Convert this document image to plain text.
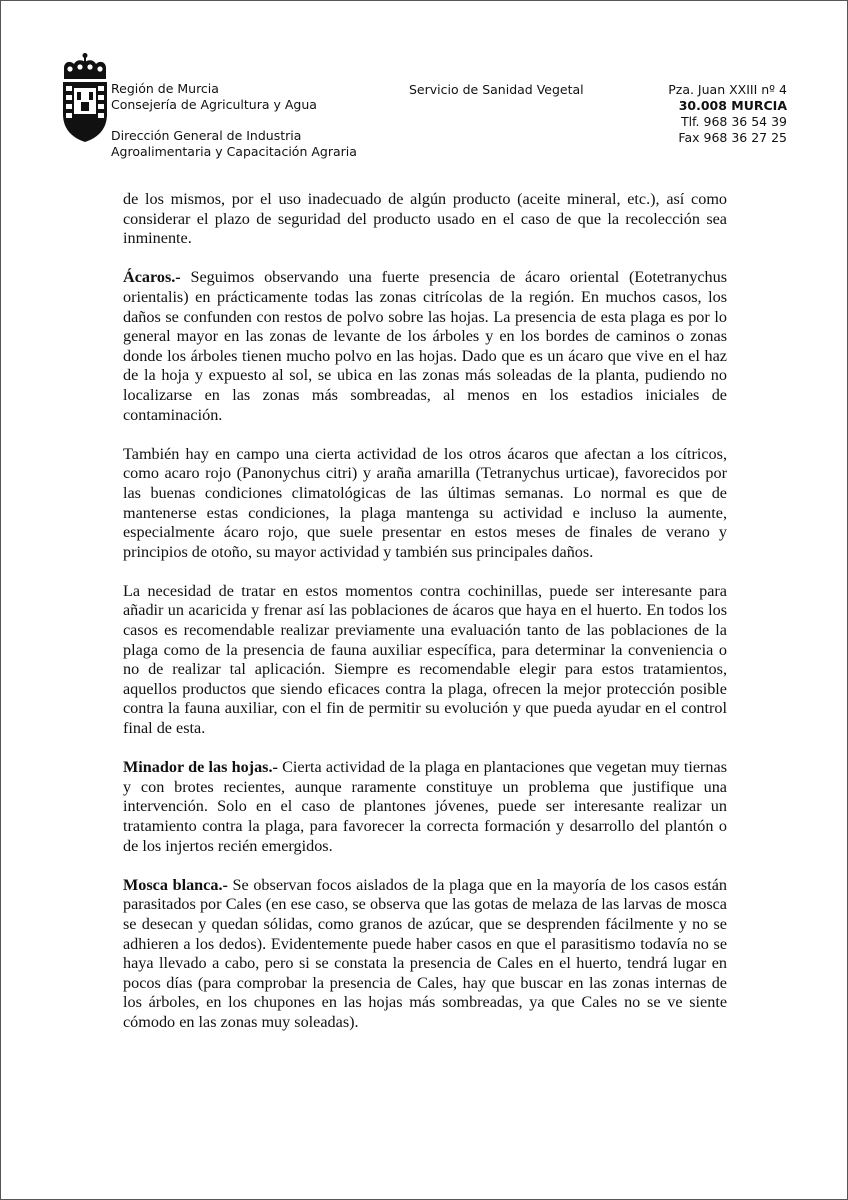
Región de Murcia
Consejería de Agricultura y Agua
Dirección General de Industria
Agroalimentaria y Capacitación Agraria
Servicio de Sanidad Vegetal	Pza. Juan XXIII nº 4
30.008 MURCIA
Tlf. 968 36 54 39
Fax 968 36 27 25

de los mismos, por el uso inadecuado de algún producto (aceite mineral, etc.), así como considerar el plazo de seguridad del producto usado en el caso de que la recolección sea inminente.

Ácaros.- Seguimos observando una fuerte presencia de ácaro oriental (Eotetranychus orientalis) en prácticamente todas las zonas citrícolas de la región. En muchos casos, los daños se confunden con restos de polvo sobre las hojas. La presencia de esta plaga es por lo general mayor en las zonas de levante de los árboles y en los bordes de caminos o zonas donde los árboles tienen mucho polvo en las hojas. Dado que es un ácaro que vive en el haz de la hoja y expuesto al sol, se ubica en las zonas más soleadas de la planta, pudiendo no localizarse en las zonas más sombreadas, al menos en los estadios iniciales de contaminación.

También hay en campo una cierta actividad de los otros ácaros que afectan a los cítricos, como acaro rojo (Panonychus citri) y araña amarilla (Tetranychus urticae), favorecidos por las buenas condiciones climatológicas de las últimas semanas. Lo normal es que de mantenerse estas condiciones, la plaga mantenga su actividad e incluso la aumente, especialmente ácaro rojo, que suele presentar en estos meses de finales de verano y principios de otoño, su mayor actividad y también sus principales daños.

La necesidad de tratar en estos momentos contra cochinillas, puede ser interesante para añadir un acaricida y frenar así las poblaciones de ácaros que haya en el huerto. En todos los casos es recomendable realizar previamente una evaluación tanto de las poblaciones de la plaga como de la presencia de fauna auxiliar específica, para determinar la conveniencia o no de realizar tal aplicación. Siempre es recomendable elegir para estos tratamientos, aquellos productos que siendo eficaces contra la plaga, ofrecen la mejor protección posible contra la fauna auxiliar, con el fin de permitir su evolución y que pueda ayudar en el control final de esta.

Minador de las hojas.- Cierta actividad de la plaga en plantaciones que vegetan muy tiernas y con brotes recientes, aunque raramente constituye un problema que justifique una intervención. Solo en el caso de plantones jóvenes, puede ser interesante realizar un tratamiento contra la plaga, para favorecer la correcta formación y desarrollo del plantón o de los injertos recién emergidos.

Mosca blanca.- Se observan focos aislados de la plaga que en la mayoría de los casos están parasitados por Cales (en ese caso, se observa que las gotas de melaza de las larvas de mosca se desecan y quedan sólidas, como granos de azúcar, que se desprenden fácilmente y no se adhieren a los dedos). Evidentemente puede haber casos en que el parasitismo todavía no se haya llevado a cabo, pero si se constata la presencia de Cales en el huerto, tendrá lugar en pocos días (para comprobar la presencia de Cales, hay que buscar en las zonas internas de los árboles, en los chupones en las hojas más sombreadas, ya que Cales no se ve siente cómodo en las zonas muy soleadas).
